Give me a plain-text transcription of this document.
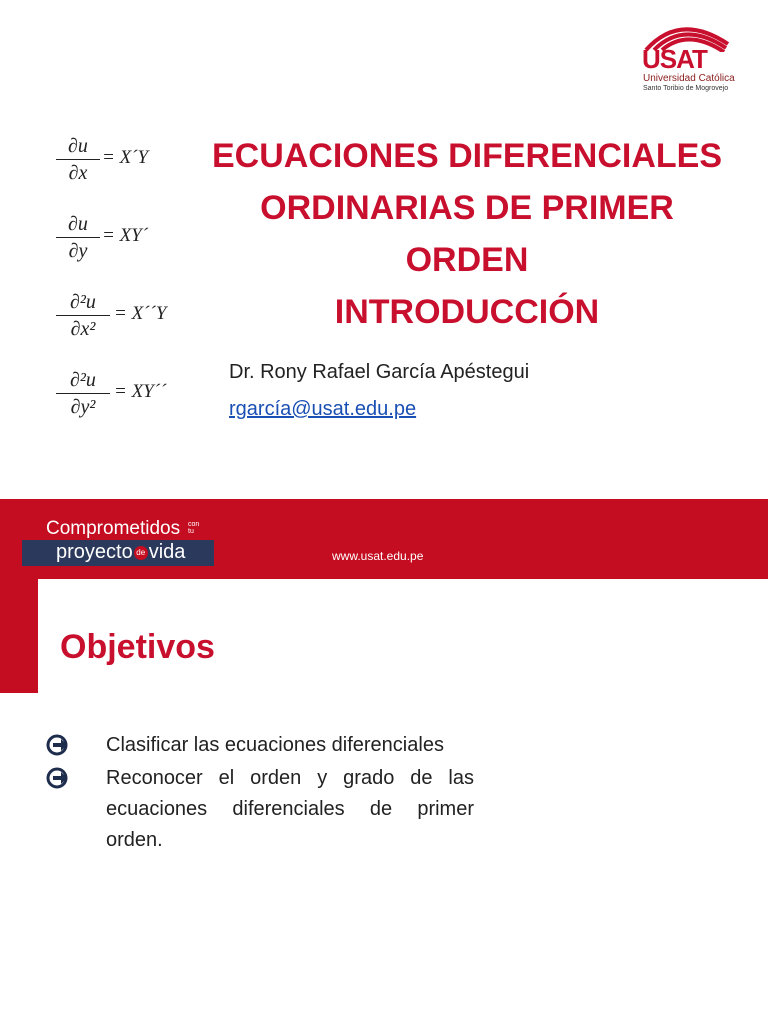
USAT
Universidad Católica
Santo Toribio de Mogrovejo
∂u
∂x
= X´Y
∂u
∂y
= XY´
∂²u
∂x²
= X´´Y
∂²u
∂y²
= XY´´
ECUACIONES DIFERENCIALES
ORDINARIAS DE PRIMER
ORDEN
INTRODUCCIÓN
Dr. Rony Rafael García Apéstegui
rgarcía@usat.edu.pe
Comprometidos con
tu
proyecto de vida	www.usat.edu.pe
Objetivos
Clasificar las ecuaciones diferenciales
Reconocer el orden y grado de las ecuaciones diferenciales de primer orden.
